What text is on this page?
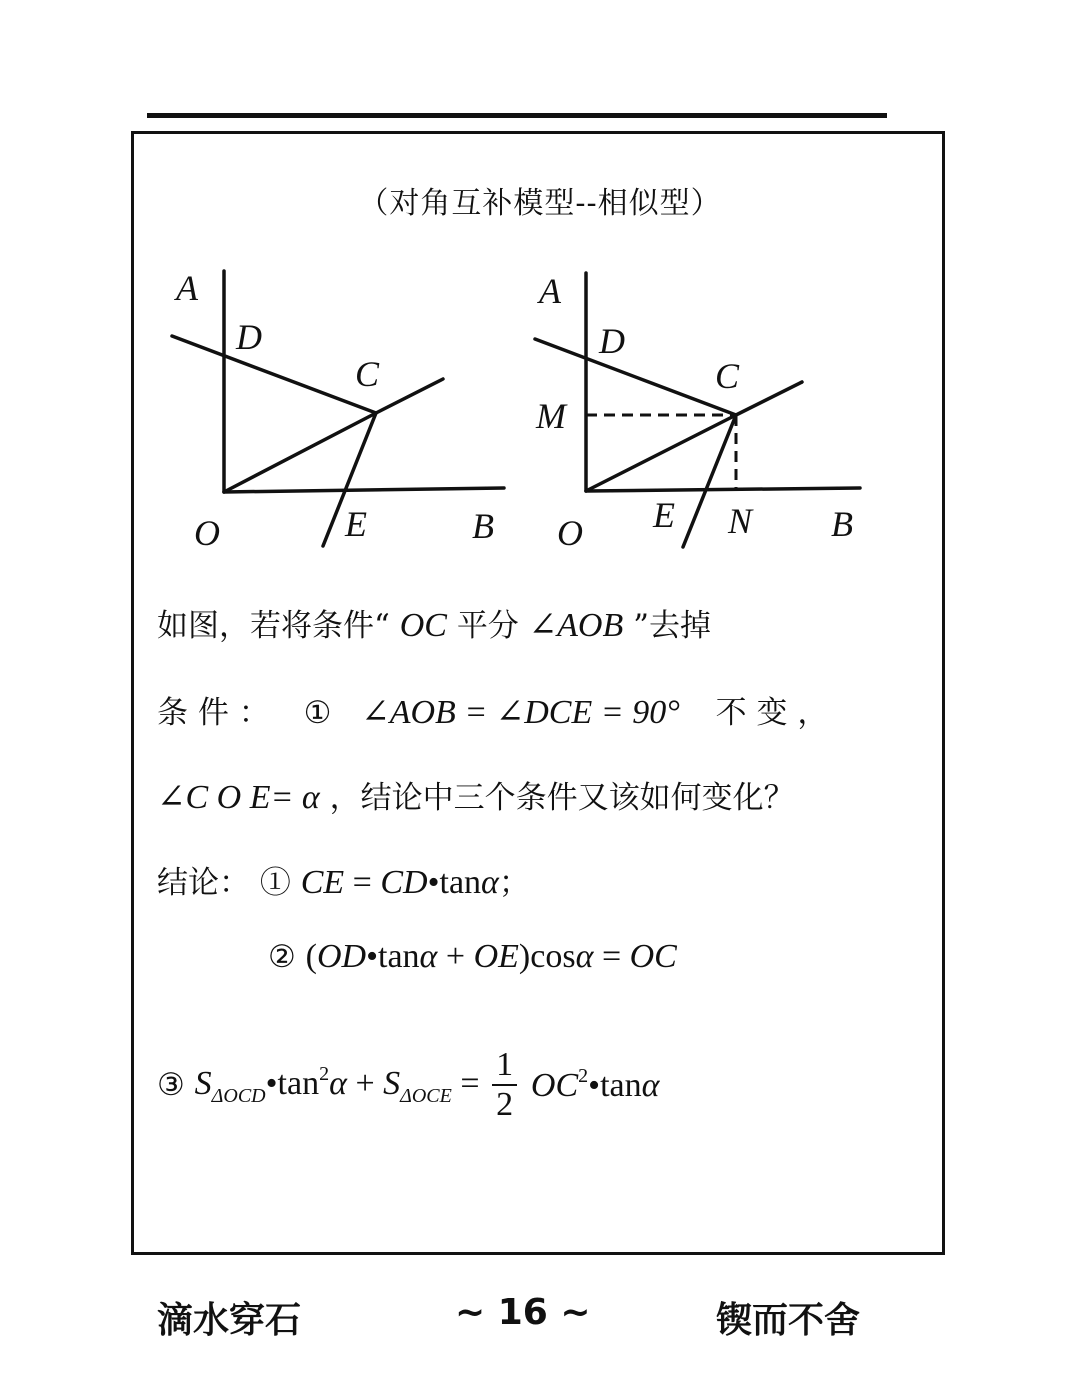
（对角互补模型--相似型）
A
D
C
O	E	B
A
D
C
M
O E N B
如图，若将条件“ OC 平分 ∠AOB ”去掉
条 件 ： ① ∠AOB = ∠DCE = 90° 不 变 ，
∠C O E= α ，结论中三个条件又该如何变化？
结论： ① CE = CD•tanα；
② (OD•tanα + OE)cosα = OC
③ $S_{\Delta OCD}•\tan^2\alpha + S_{\Delta OCE} = \frac{1}{2}$ $OC^2•\tan\alpha$
滴水穿石	~ 16 ~	锲而不舍
